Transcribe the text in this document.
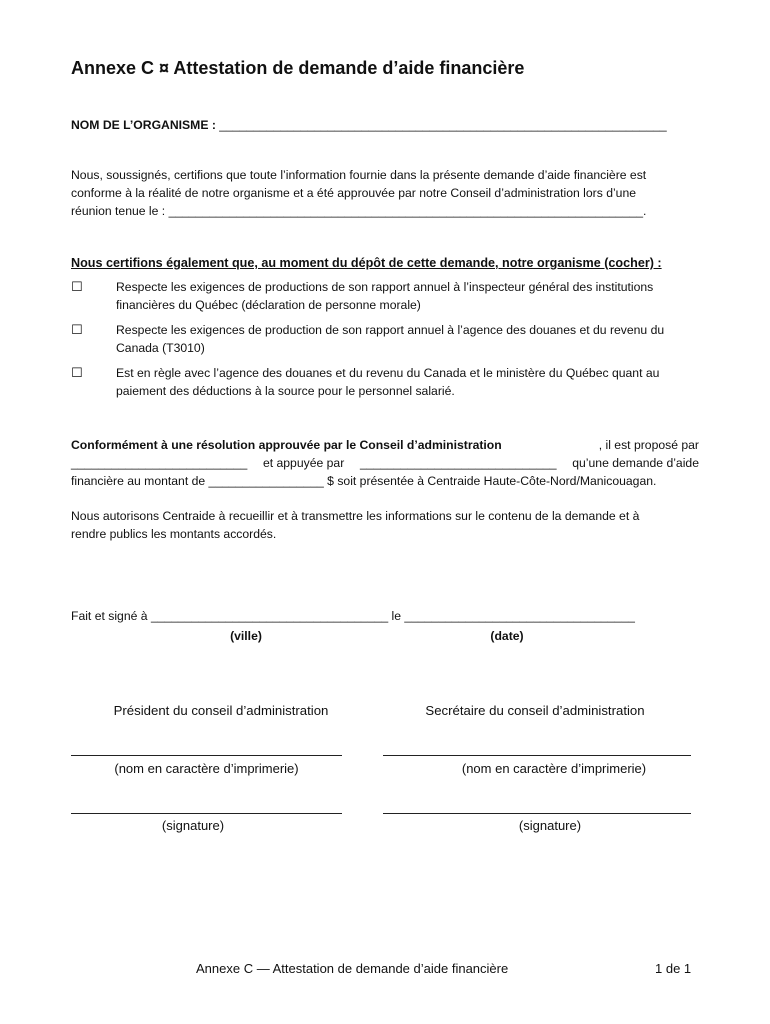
Annexe C ¤ Attestation de demande d’aide financière
NOM DE L’ORGANISME : __________________________________________________________________
Nous, soussignés, certifions que toute l’information fournie dans la présente demande d’aide financière est
conforme à la réalité de notre organisme et a été approuvée par notre Conseil d’administration lors d’une
réunion tenue le : ______________________________________________________________________.
Nous certifions également que, au moment du dépôt de cette demande, notre organisme (cocher) :
☐	Respecte les exigences de productions de son rapport annuel à l’inspecteur général des institutions
financières du Québec (déclaration de personne morale)
☐	Respecte les exigences de production de son rapport annuel à l’agence des douanes et du revenu du
Canada (T3010)
☐	Est en règle avec l’agence des douanes et du revenu du Canada et le ministère du Québec quant au
paiement des déductions à la source pour le personnel salarié.
Conformément à une résolution approuvée par le Conseil d’administration	, il est proposé par
__________________________ et appuyée par _____________________________ qu’une demande d’aide
financière au montant de _________________ $ soit présentée à Centraide Haute-Côte-Nord/Manicouagan.
Nous autorisons Centraide à recueillir et à transmettre les informations sur le contenu de la demande et à
rendre publics les montants accordés.
Fait et signé à ___________________________________ le __________________________________
(ville)	(date)
Président du conseil d’administration	Secrétaire du conseil d’administration
(nom en caractère d’imprimerie)	(nom en caractère d’imprimerie)
(signature)	(signature)
Annexe C — Attestation de demande d’aide financière	1 de 1
